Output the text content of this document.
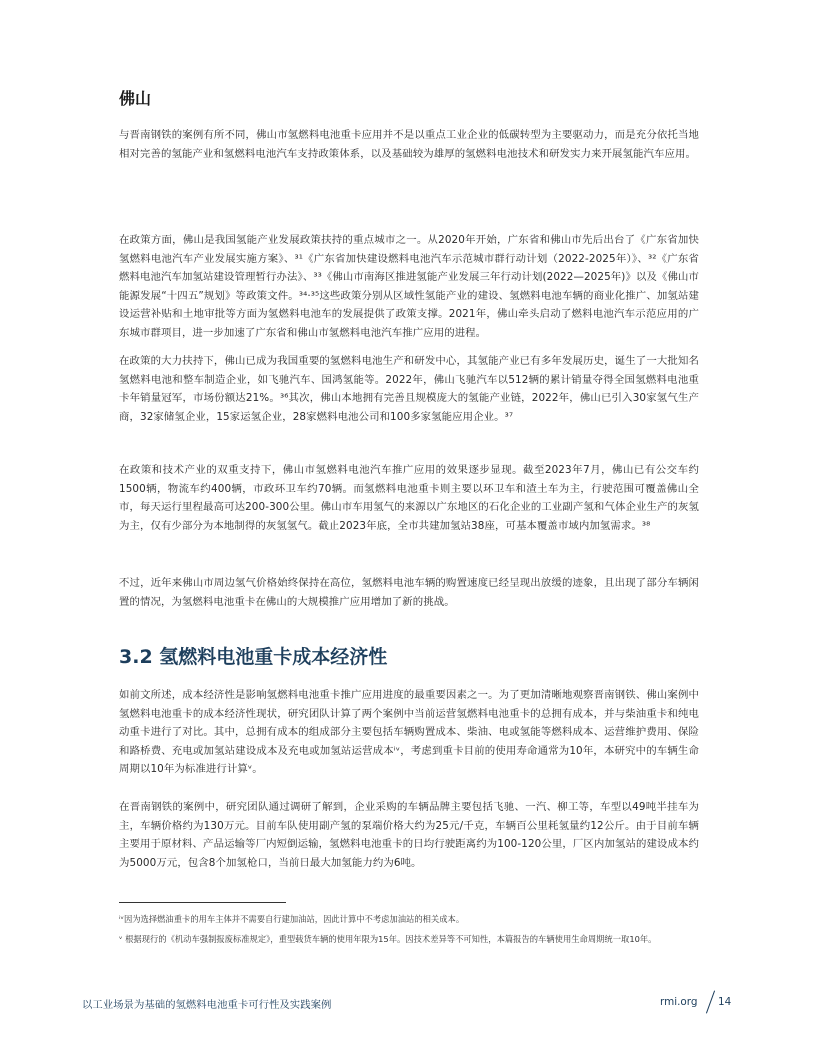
佛山

与晋南钢铁的案例有所不同，佛山市氢燃料电池重卡应用并不是以重点工业企业的低碳转型为主要驱动力，而是充分依托当地相对完善的氢能产业和氢燃料电池汽车支持政策体系，以及基础较为雄厚的氢燃料电池技术和研发实力来开展氢能汽车应用。

在政策方面，佛山是我国氢能产业发展政策扶持的重点城市之一。从2020年开始，广东省和佛山市先后出台了《广东省加快氢燃料电池汽车产业发展实施方案》、³¹《广东省加快建设燃料电池汽车示范城市群行动计划（2022-2025年）》、³²《广东省燃料电池汽车加氢站建设管理暂行办法》、³³《佛山市南海区推进氢能产业发展三年行动计划(2022—2025年)》以及《佛山市能源发展“十四五”规划》等政策文件。³⁴·³⁵这些政策分别从区域性氢能产业的建设、氢燃料电池车辆的商业化推广、加氢站建设运营补贴和土地审批等方面为氢燃料电池车的发展提供了政策支撑。2021年，佛山牵头启动了燃料电池汽车示范应用的广东城市群项目，进一步加速了广东省和佛山市氢燃料电池汽车推广应用的进程。

在政策的大力扶持下，佛山已成为我国重要的氢燃料电池生产和研发中心，其氢能产业已有多年发展历史，诞生了一大批知名氢燃料电池和整车制造企业，如飞驰汽车、国鸿氢能等。2022年，佛山飞驰汽车以512辆的累计销量夺得全国氢燃料电池重卡年销量冠军，市场份额达21%。³⁶其次，佛山本地拥有完善且规模庞大的氢能产业链，2022年，佛山已引入30家氢气生产商，32家储氢企业，15家运氢企业，28家燃料电池公司和100多家氢能应用企业。³⁷

在政策和技术产业的双重支持下，佛山市氢燃料电池汽车推广应用的效果逐步显现。截至2023年7月，佛山已有公交车约1500辆，物流车约400辆，市政环卫车约70辆。而氢燃料电池重卡则主要以环卫车和渣土车为主，行驶范围可覆盖佛山全市，每天运行里程最高可达200-300公里。佛山市车用氢气的来源以广东地区的石化企业的工业副产氢和气体企业生产的灰氢为主，仅有少部分为本地制得的灰氢氢气。截止2023年底，全市共建加氢站38座，可基本覆盖市域内加氢需求。³⁸

不过，近年来佛山市周边氢气价格始终保持在高位，氢燃料电池车辆的购置速度已经呈现出放缓的迹象，且出现了部分车辆闲置的情况，为氢燃料电池重卡在佛山的大规模推广应用增加了新的挑战。

3.2 氢燃料电池重卡成本经济性

如前文所述，成本经济性是影响氢燃料电池重卡推广应用进度的最重要因素之一。为了更加清晰地观察晋南钢铁、佛山案例中氢燃料电池重卡的成本经济性现状，研究团队计算了两个案例中当前运营氢燃料电池重卡的总拥有成本，并与柴油重卡和纯电动重卡进行了对比。其中，总拥有成本的组成部分主要包括车辆购置成本、柴油、电或氢能等燃料成本、运营维护费用、保险和路桥费、充电或加氢站建设成本及充电或加氢站运营成本ⁱᵛ，考虑到重卡目前的使用寿命通常为10年，本研究中的车辆生命周期以10年为标准进行计算ᵛ。

在晋南钢铁的案例中，研究团队通过调研了解到，企业采购的车辆品牌主要包括飞驰、一汽、柳工等，车型以49吨半挂车为主，车辆价格约为130万元。目前车队使用副产氢的泵端价格大约为25元/千克，车辆百公里耗氢量约12公斤。由于目前车辆主要用于原材料、产品运输等厂内短倒运输，氢燃料电池重卡的日均行驶距离约为100-120公里，厂区内加氢站的建设成本约为5000万元，包含8个加氢枪口，当前日最大加氢能力约为6吨。

ⁱᵛ因为选择燃油重卡的用车主体并不需要自行建加油站，因此计算中不考虑加油站的相关成本。

ᵛ 根据现行的《机动车强制报废标准规定》，重型载货车辆的使用年限为15年。因技术差异等不可知性，本篇报告的车辆使用生命周期统一取10年。

以工业场景为基础的氢燃料电池重卡可行性及实践案例	rmi.org 14
